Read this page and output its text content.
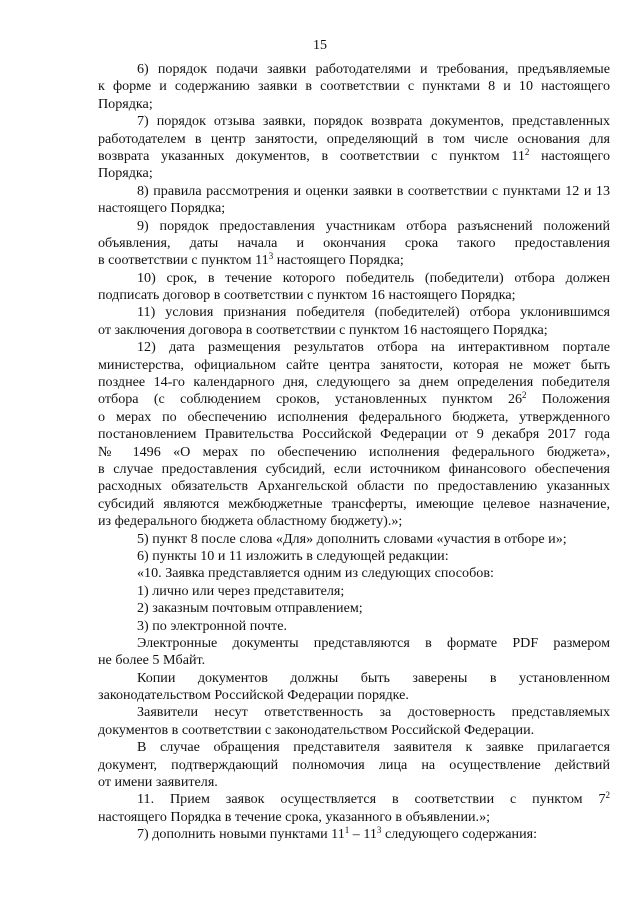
15
6) порядок подачи заявки работодателями и требования, предъявляемые
к форме и содержанию заявки в соответствии с пунктами 8 и 10 настоящего
Порядка;
7) порядок отзыва заявки, порядок возврата документов, представленных
работодателем в центр занятости, определяющий в том числе основания для
возврата указанных документов, в соответствии с пунктом $11^2$ настоящего
Порядка;
8) правила рассмотрения и оценки заявки в соответствии с пунктами 12 и 13
настоящего Порядка;
9) порядок предоставления участникам отбора разъяснений положений
объявления, даты начала и окончания срока такого предоставления
в соответствии с пунктом $11^3$ настоящего Порядка;
10) срок, в течение которого победитель (победители) отбора должен
подписать договор в соответствии с пунктом 16 настоящего Порядка;
11) условия признания победителя (победителей) отбора уклонившимся
от заключения договора в соответствии с пунктом 16 настоящего Порядка;
12) дата размещения результатов отбора на интерактивном портале
министерства, официальном сайте центра занятости, которая не может быть
позднее 14-го календарного дня, следующего за днем определения победителя
отбора (с соблюдением сроков, установленных пунктом $26^2$ Положения
о мерах по обеспечению исполнения федерального бюджета, утвержденного
постановлением Правительства Российской Федерации от 9 декабря 2017 года
№ 1496 «О мерах по обеспечению исполнения федерального бюджета»,
в случае предоставления субсидий, если источником финансового обеспечения
расходных обязательств Архангельской области по предоставлению указанных
субсидий являются межбюджетные трансферты, имеющие целевое назначение,
из федерального бюджета областному бюджету).»;
5) пункт 8 после слова «Для» дополнить словами «участия в отборе и»;
6) пункты 10 и 11 изложить в следующей редакции:
«10. Заявка представляется одним из следующих способов:
1) лично или через представителя;
2) заказным почтовым отправлением;
3) по электронной почте.
Электронные документы представляются в формате PDF размером
не более 5 Мбайт.
Копии документов должны быть заверены в установленном
законодательством Российской Федерации порядке.
Заявители несут ответственность за достоверность представляемых
документов в соответствии с законодательством Российской Федерации.
В случае обращения представителя заявителя к заявке прилагается
документ, подтверждающий полномочия лица на осуществление действий
от имени заявителя.
11. Прием заявок осуществляется в соответствии с пунктом $7^2$
настоящего Порядка в течение срока, указанного в объявлении.»;
7) дополнить новыми пунктами $11^1 - 11^3$ следующего содержания:
